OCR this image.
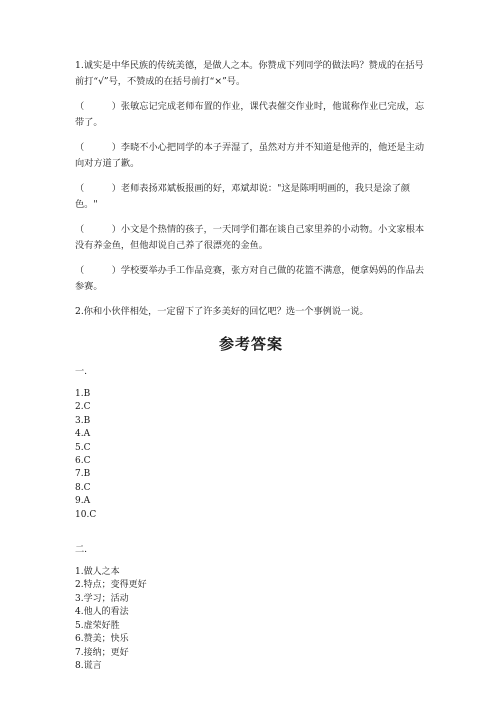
1.诚实是中华民族的传统美德，是做人之本。你赞成下列同学的做法吗？赞成的在括号前打“√”号，不赞成的在括号前打“×”号。

（　　　）张敏忘记完成老师布置的作业，课代表催交作业时，他谎称作业已完成，忘带了。

（　　　）李晓不小心把同学的本子弄湿了，虽然对方并不知道是他弄的，他还是主动向对方道了歉。

（　　　）老师表扬邓斌板报画的好，邓斌却说："这是陈明明画的，我只是涂了颜色。"

（　　　）小文是个热情的孩子，一天同学们都在谈自己家里养的小动物。小文家根本没有养金鱼，但他却说自己养了很漂亮的金鱼。

（　　　）学校要举办手工作品竞赛，张方对自己做的花篮不满意，便拿妈妈的作品去参赛。

2.你和小伙伴相处，一定留下了许多美好的回忆吧？选一个事例说一说。

参考答案
一.
1.B
2.C
3.B
4.A
5.C
6.C
7.B
8.C
9.A
10.C
二.
1.做人之本
2.特点；变得更好
3.学习；活动
4.他人的看法
5.虚荣好胜
6.赞美；快乐
7.接纳；更好
8.谎言
